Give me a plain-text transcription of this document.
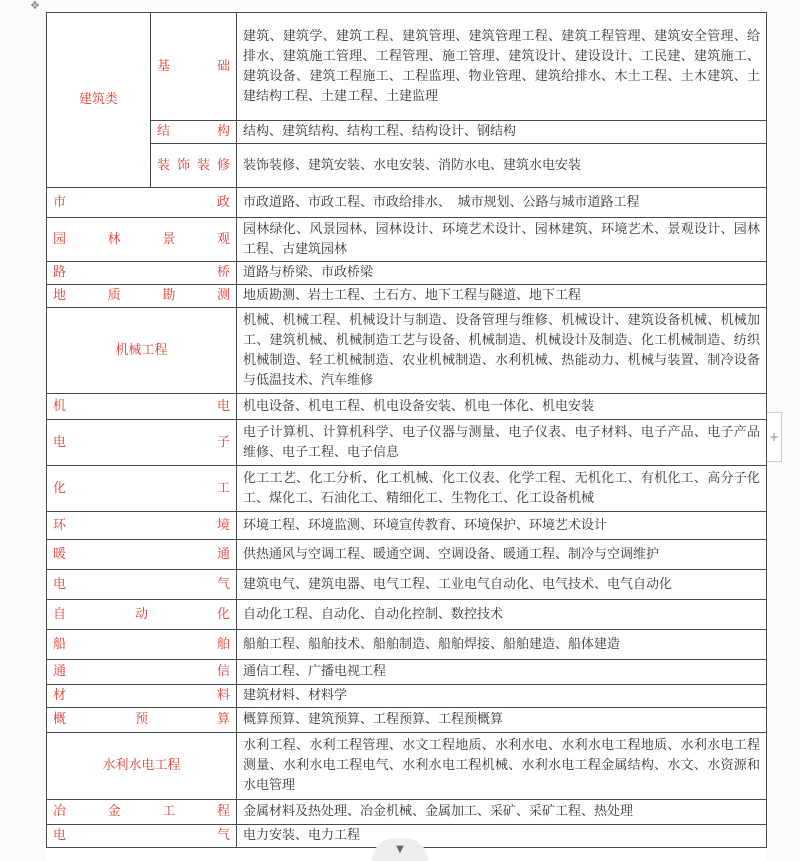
✥
建筑类	基　础	建筑、建筑学、建筑工程、建筑管理、建筑管理工程、建筑工程管理、建筑安全管理、给排水、建筑施工管理、工程管理、施工管理、建筑设计、建设设计、工民建、建筑施工、建筑设备、建筑工程施工、工程监理、物业管理、建筑给排水、木土工程、土木建筑、土建结构工程、土建工程、土建监理
	结　构	结构、建筑结构、结构工程、结构设计、钢结构
	装饰装修	装饰装修、建筑安装、水电安装、消防水电、建筑水电安装
市　政		市政道路、市政工程、市政给排水、　城市规划、公路与城市道路工程
园林景观		园林绿化、风景园林、园林设计、环境艺术设计、园林建筑、环境艺术、景观设计、园林工程、古建筑园林
路　桥		道路与桥梁、市政桥梁
地质勘测		地质勘测、岩土工程、土石方、地下工程与隧道、地下工程
机械工程		机械、机械工程、机械设计与制造、设备管理与维修、机械设计、建筑设备机械、机械加工、建筑机械、机械制造工艺与设备、机械制造、机械设计及制造、化工机械制造、纺织机械制造、轻工机械制造、农业机械制造、水利机械、热能动力、机械与装置、制冷设备与低温技术、汽车维修
机　电		机电设备、机电工程、机电设备安装、机电一体化、机电安装
电　子		电子计算机、计算机科学、电子仪器与测量、电子仪表、电子材料、电子产品、电子产品维修、电子工程、电子信息
化　工		化工工艺、化工分析、化工机械、化工仪表、化学工程、无机化工、有机化工、高分子化工、煤化工、石油化工、精细化工、生物化工、化工设备机械
环　境		环境工程、环境监测、环境宣传教育、环境保护、环境艺术设计
暖　通		供热通风与空调工程、暖通空调、空调设备、暖通工程、制冷与空调维护
电　气		建筑电气、建筑电器、电气工程、工业电气自动化、电气技术、电气自动化
自动化		自动化工程、自动化、自动化控制、数控技术
船　舶		船舶工程、船舶技术、船舶制造、船舶焊接、船舶建造、船体建造
通　信		通信工程、广播电视工程
材　料		建筑材料、材料学
概预算		概算预算、建筑预算、工程预算、工程预概算
水利水电工程		水利工程、水利工程管理、水文工程地质、水利水电、水利水电工程地质、水利水电工程测量、水利水电工程电气、水利水电工程机械、水利水电工程金属结构、水文、水资源和水电管理
冶金工程		金属材料及热处理、冶金机械、金属加工、采矿、采矿工程、热处理
电　气		电力安装、电力工程
+
▼
